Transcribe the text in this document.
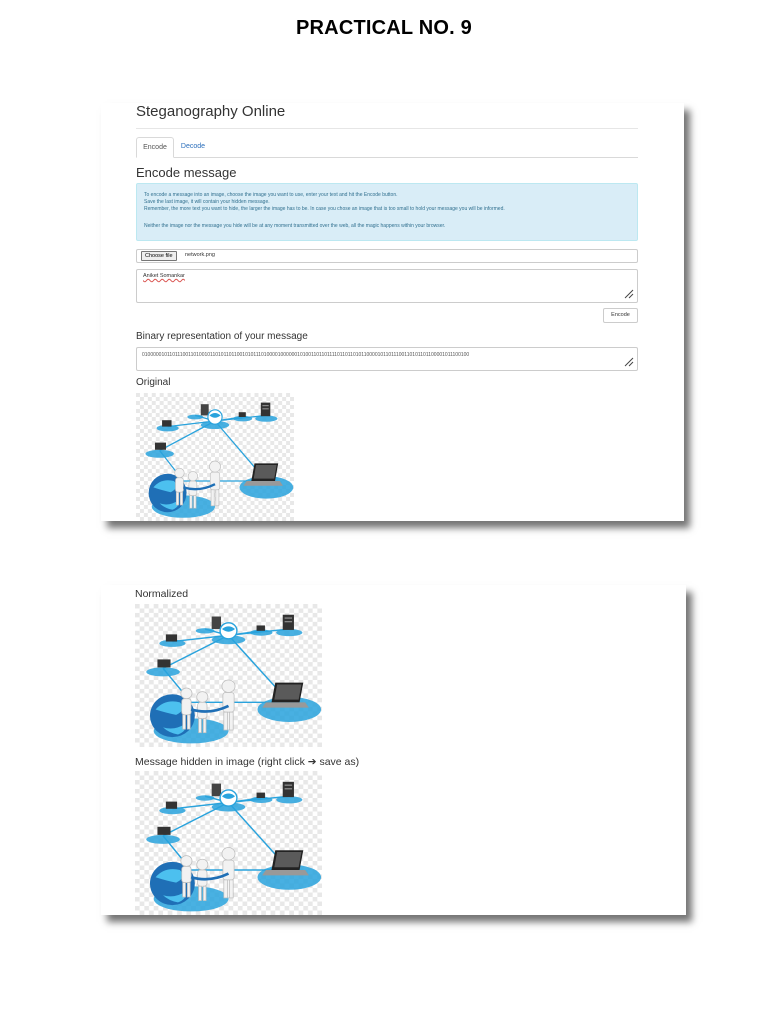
PRACTICAL NO. 9
Steganography Online
Encode	Decode
Encode message
To encode a message into an image, choose the image you want to use, enter your text and hit the Encode button.
Save the last image, it will contain your hidden message.
Remember, the more text you want to hide, the larger the image has to be. In case you chose an image that is too small to hold your message you will be informed.
Neither the image nor the message you hide will be at any moment transmitted over the web, all the magic happens within your browser.
Choose file	network.png
Aniket Somankar
Encode
Binary representation of your message
0100000101101110011010010110101101100101011101000010000001010011011011110110110101100001011011100110101101100001011100100
Original
Normalized
Message hidden in image (right click ➔ save as)
